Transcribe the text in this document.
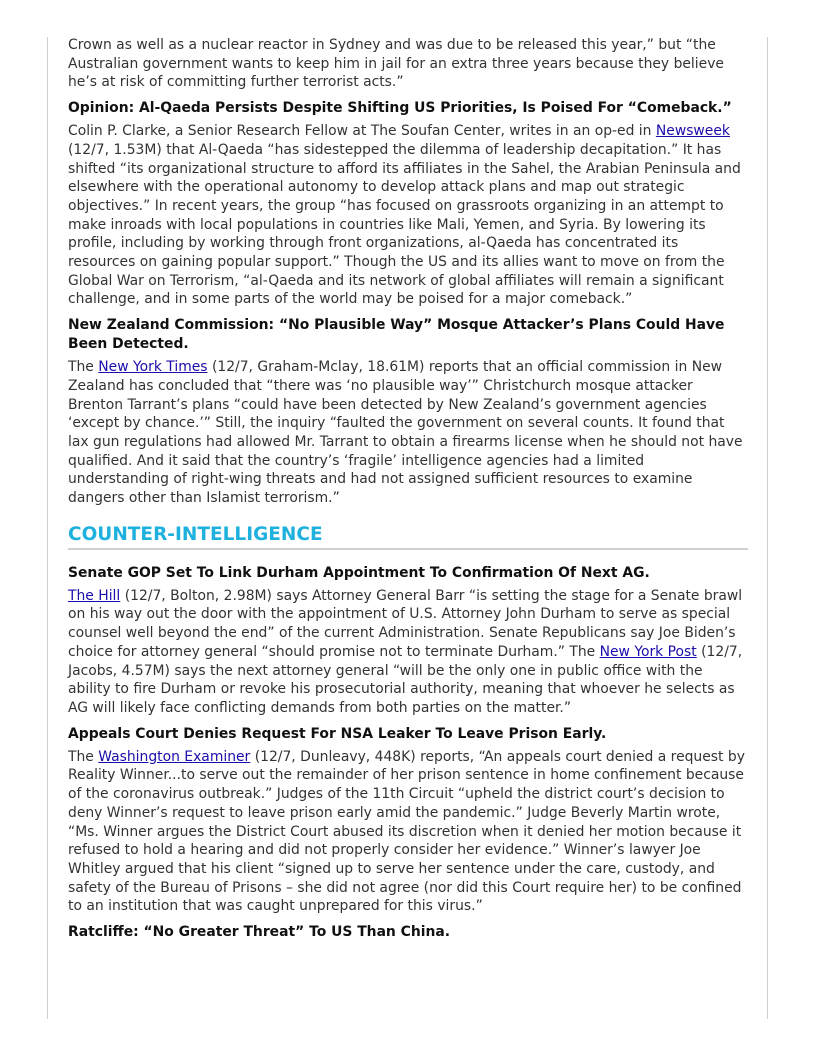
Crown as well as a nuclear reactor in Sydney and was due to be released this year,” but “the Australian government wants to keep him in jail for an extra three years because they believe he’s at risk of committing further terrorist acts.”

Opinion: Al-Qaeda Persists Despite Shifting US Priorities, Is Poised For “Comeback.”

Colin P. Clarke, a Senior Research Fellow at The Soufan Center, writes in an op-ed in Newsweek (12/7, 1.53M) that Al-Qaeda “has sidestepped the dilemma of leadership decapitation.” It has shifted “its organizational structure to afford its affiliates in the Sahel, the Arabian Peninsula and elsewhere with the operational autonomy to develop attack plans and map out strategic objectives.” In recent years, the group “has focused on grassroots organizing in an attempt to make inroads with local populations in countries like Mali, Yemen, and Syria. By lowering its profile, including by working through front organizations, al-Qaeda has concentrated its resources on gaining popular support.” Though the US and its allies want to move on from the Global War on Terrorism, “al-Qaeda and its network of global affiliates will remain a significant challenge, and in some parts of the world may be poised for a major comeback.”

New Zealand Commission: “No Plausible Way” Mosque Attacker’s Plans Could Have Been Detected.

The New York Times (12/7, Graham-Mclay, 18.61M) reports that an official commission in New Zealand has concluded that “there was ‘no plausible way’” Christchurch mosque attacker Brenton Tarrant’s plans “could have been detected by New Zealand’s government agencies ‘except by chance.’” Still, the inquiry “faulted the government on several counts. It found that lax gun regulations had allowed Mr. Tarrant to obtain a firearms license when he should not have qualified. And it said that the country’s ‘fragile’ intelligence agencies had a limited understanding of right-wing threats and had not assigned sufficient resources to examine dangers other than Islamist terrorism.”

COUNTER-INTELLIGENCE
Senate GOP Set To Link Durham Appointment To Confirmation Of Next AG.

The Hill (12/7, Bolton, 2.98M) says Attorney General Barr “is setting the stage for a Senate brawl on his way out the door with the appointment of U.S. Attorney John Durham to serve as special counsel well beyond the end” of the current Administration. Senate Republicans say Joe Biden’s choice for attorney general “should promise not to terminate Durham.” The New York Post (12/7, Jacobs, 4.57M) says the next attorney general “will be the only one in public office with the ability to fire Durham or revoke his prosecutorial authority, meaning that whoever he selects as AG will likely face conflicting demands from both parties on the matter.”

Appeals Court Denies Request For NSA Leaker To Leave Prison Early.

The Washington Examiner (12/7, Dunleavy, 448K) reports, “An appeals court denied a request by Reality Winner...to serve out the remainder of her prison sentence in home confinement because of the coronavirus outbreak.” Judges of the 11th Circuit “upheld the district court’s decision to deny Winner’s request to leave prison early amid the pandemic.” Judge Beverly Martin wrote, “Ms. Winner argues the District Court abused its discretion when it denied her motion because it refused to hold a hearing and did not properly consider her evidence.” Winner’s lawyer Joe Whitley argued that his client “signed up to serve her sentence under the care, custody, and safety of the Bureau of Prisons – she did not agree (nor did this Court require her) to be confined to an institution that was caught unprepared for this virus.”

Ratcliffe: “No Greater Threat” To US Than China.
